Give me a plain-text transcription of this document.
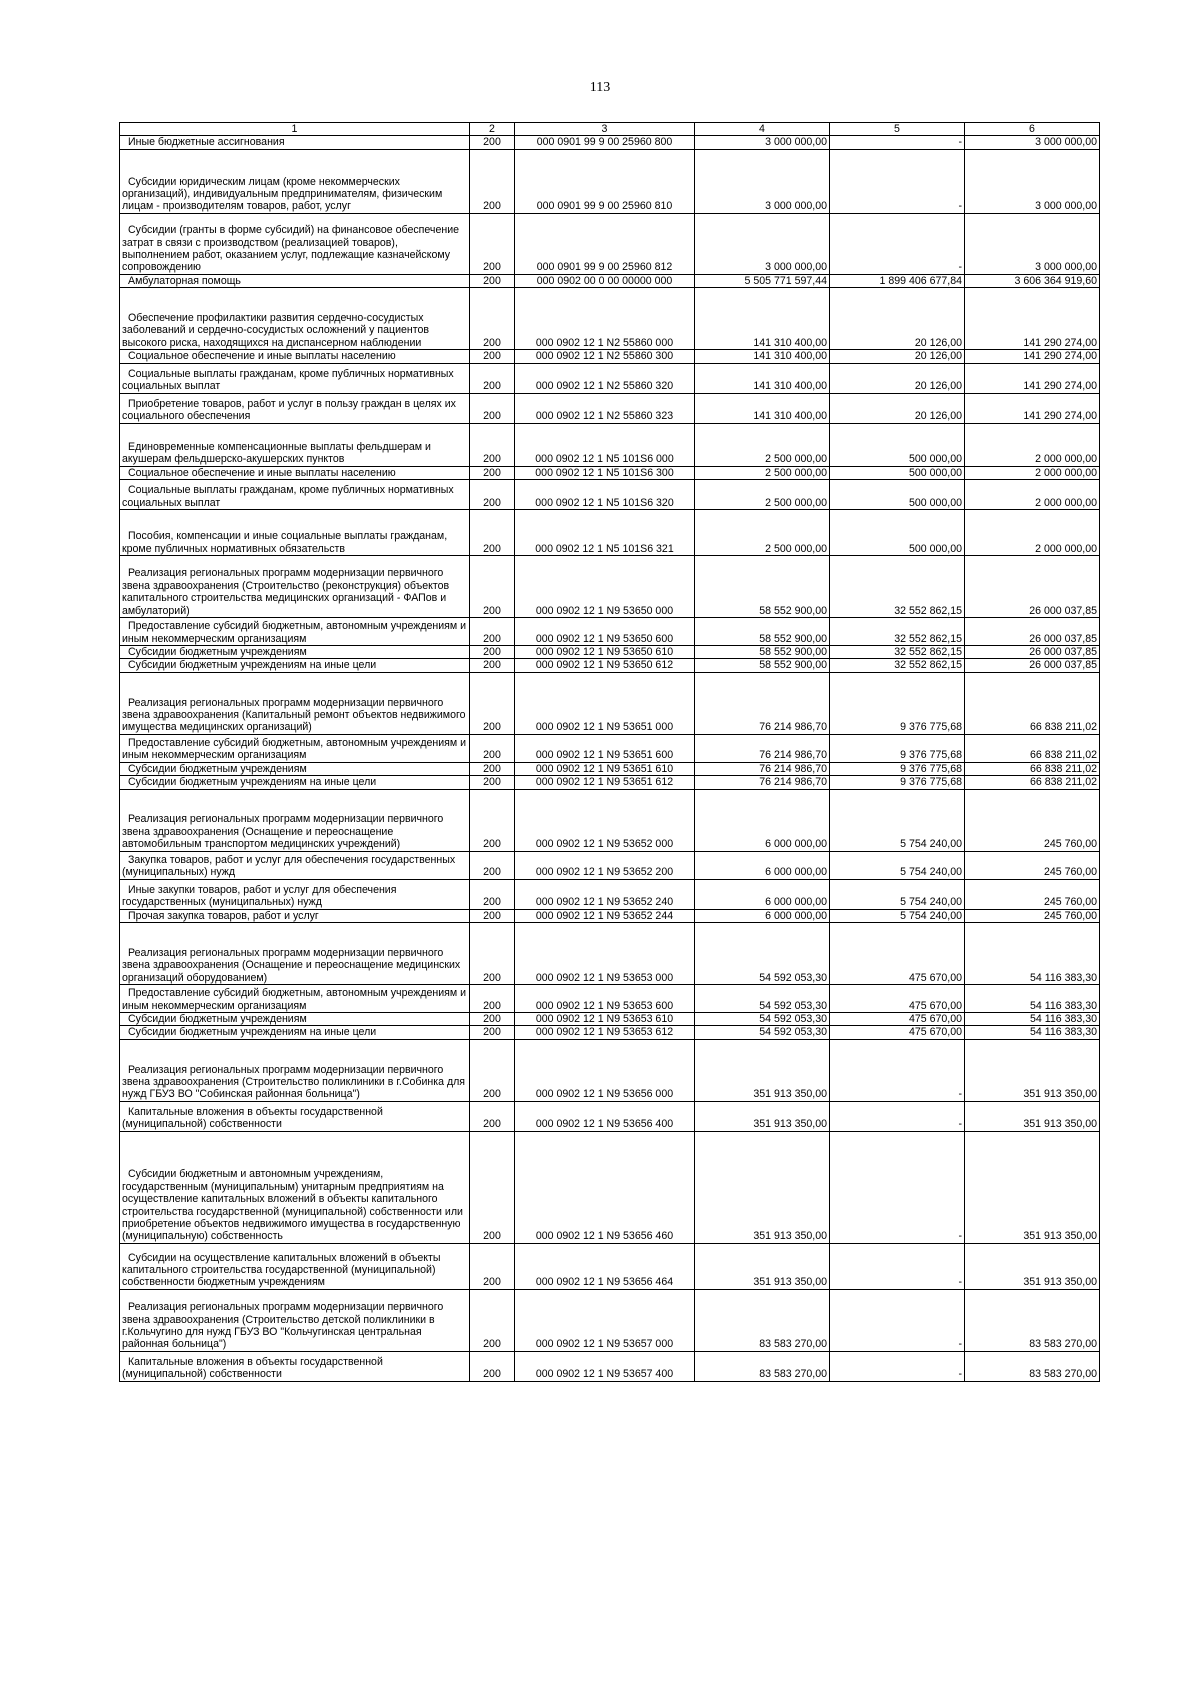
113
1	2	3	4	5	6
Иные бюджетные ассигнования	200	000 0901 99 9 00 25960 800	3 000 000,00	-	3 000 000,00
Субсидии юридическим лицам (кроме некоммерческих организаций), индивидуальным предпринимателям, физическим лицам - производителям товаров, работ, услуг	200	000 0901 99 9 00 25960 810	3 000 000,00	-	3 000 000,00
Субсидии (гранты в форме субсидий) на финансовое обеспечение затрат в связи с производством (реализацией товаров), выполнением работ, оказанием услуг, подлежащие казначейскому сопровождению	200	000 0901 99 9 00 25960 812	3 000 000,00	-	3 000 000,00
Амбулаторная помощь	200	000 0902 00 0 00 00000 000	5 505 771 597,44	1 899 406 677,84	3 606 364 919,60
Обеспечение профилактики развития сердечно-сосудистых заболеваний и сердечно-сосудистых осложнений у пациентов высокого риска, находящихся на диспансерном наблюдении	200	000 0902 12 1 N2 55860 000	141 310 400,00	20 126,00	141 290 274,00
Социальное обеспечение и иные выплаты населению	200	000 0902 12 1 N2 55860 300	141 310 400,00	20 126,00	141 290 274,00
Социальные выплаты гражданам, кроме публичных нормативных социальных выплат	200	000 0902 12 1 N2 55860 320	141 310 400,00	20 126,00	141 290 274,00
Приобретение товаров, работ и услуг в пользу граждан в целях их социального обеспечения	200	000 0902 12 1 N2 55860 323	141 310 400,00	20 126,00	141 290 274,00
Единовременные компенсационные выплаты фельдшерам и акушерам фельдшерско-акушерских пунктов	200	000 0902 12 1 N5 101S6 000	2 500 000,00	500 000,00	2 000 000,00
Социальное обеспечение и иные выплаты населению	200	000 0902 12 1 N5 101S6 300	2 500 000,00	500 000,00	2 000 000,00
Социальные выплаты гражданам, кроме публичных нормативных социальных выплат	200	000 0902 12 1 N5 101S6 320	2 500 000,00	500 000,00	2 000 000,00
Пособия, компенсации и иные социальные выплаты гражданам, кроме публичных нормативных обязательств	200	000 0902 12 1 N5 101S6 321	2 500 000,00	500 000,00	2 000 000,00
Реализация региональных программ модернизации первичного звена здравоохранения (Строительство (реконструкция) объектов капитального строительства медицинских организаций - ФАПов и амбулаторий)	200	000 0902 12 1 N9 53650 000	58 552 900,00	32 552 862,15	26 000 037,85
Предоставление субсидий бюджетным, автономным учреждениям и иным некоммерческим организациям	200	000 0902 12 1 N9 53650 600	58 552 900,00	32 552 862,15	26 000 037,85
Субсидии бюджетным учреждениям	200	000 0902 12 1 N9 53650 610	58 552 900,00	32 552 862,15	26 000 037,85
Субсидии бюджетным учреждениям на иные цели	200	000 0902 12 1 N9 53650 612	58 552 900,00	32 552 862,15	26 000 037,85
Реализация региональных программ модернизации первичного звена здравоохранения (Капитальный ремонт объектов недвижимого имущества медицинских организаций)	200	000 0902 12 1 N9 53651 000	76 214 986,70	9 376 775,68	66 838 211,02
Предоставление субсидий бюджетным, автономным учреждениям и иным некоммерческим организациям	200	000 0902 12 1 N9 53651 600	76 214 986,70	9 376 775,68	66 838 211,02
Субсидии бюджетным учреждениям	200	000 0902 12 1 N9 53651 610	76 214 986,70	9 376 775,68	66 838 211,02
Субсидии бюджетным учреждениям на иные цели	200	000 0902 12 1 N9 53651 612	76 214 986,70	9 376 775,68	66 838 211,02
Реализация региональных программ модернизации первичного звена здравоохранения (Оснащение и переоснащение автомобильным транспортом медицинских учреждений)	200	000 0902 12 1 N9 53652 000	6 000 000,00	5 754 240,00	245 760,00
Закупка товаров, работ и услуг для обеспечения государственных (муниципальных) нужд	200	000 0902 12 1 N9 53652 200	6 000 000,00	5 754 240,00	245 760,00
Иные закупки товаров, работ и услуг для обеспечения государственных (муниципальных) нужд	200	000 0902 12 1 N9 53652 240	6 000 000,00	5 754 240,00	245 760,00
Прочая закупка товаров, работ и услуг	200	000 0902 12 1 N9 53652 244	6 000 000,00	5 754 240,00	245 760,00
Реализация региональных программ модернизации первичного звена здравоохранения (Оснащение и переоснащение медицинских организаций оборудованием)	200	000 0902 12 1 N9 53653 000	54 592 053,30	475 670,00	54 116 383,30
Предоставление субсидий бюджетным, автономным учреждениям и иным некоммерческим организациям	200	000 0902 12 1 N9 53653 600	54 592 053,30	475 670,00	54 116 383,30
Субсидии бюджетным учреждениям	200	000 0902 12 1 N9 53653 610	54 592 053,30	475 670,00	54 116 383,30
Субсидии бюджетным учреждениям на иные цели	200	000 0902 12 1 N9 53653 612	54 592 053,30	475 670,00	54 116 383,30
Реализация региональных программ модернизации первичного звена здравоохранения (Строительство поликлиники в г.Собинка для нужд ГБУЗ ВО "Собинская районная больница")	200	000 0902 12 1 N9 53656 000	351 913 350,00	-	351 913 350,00
Капитальные вложения в объекты государственной (муниципальной) собственности	200	000 0902 12 1 N9 53656 400	351 913 350,00	-	351 913 350,00
Субсидии бюджетным и автономным учреждениям, государственным (муниципальным) унитарным предприятиям на осуществление капитальных вложений в объекты капитального строительства государственной (муниципальной) собственности или приобретение объектов недвижимого имущества в государственную (муниципальную) собственность	200	000 0902 12 1 N9 53656 460	351 913 350,00	-	351 913 350,00
Субсидии на осуществление капитальных вложений в объекты капитального строительства государственной (муниципальной) собственности бюджетным учреждениям	200	000 0902 12 1 N9 53656 464	351 913 350,00	-	351 913 350,00
Реализация региональных программ модернизации первичного звена здравоохранения (Строительство детской поликлиники в г.Кольчугино для нужд ГБУЗ ВО "Кольчугинская центральная районная больница")	200	000 0902 12 1 N9 53657 000	83 583 270,00	-	83 583 270,00
Капитальные вложения в объекты государственной (муниципальной) собственности	200	000 0902 12 1 N9 53657 400	83 583 270,00	-	83 583 270,00
